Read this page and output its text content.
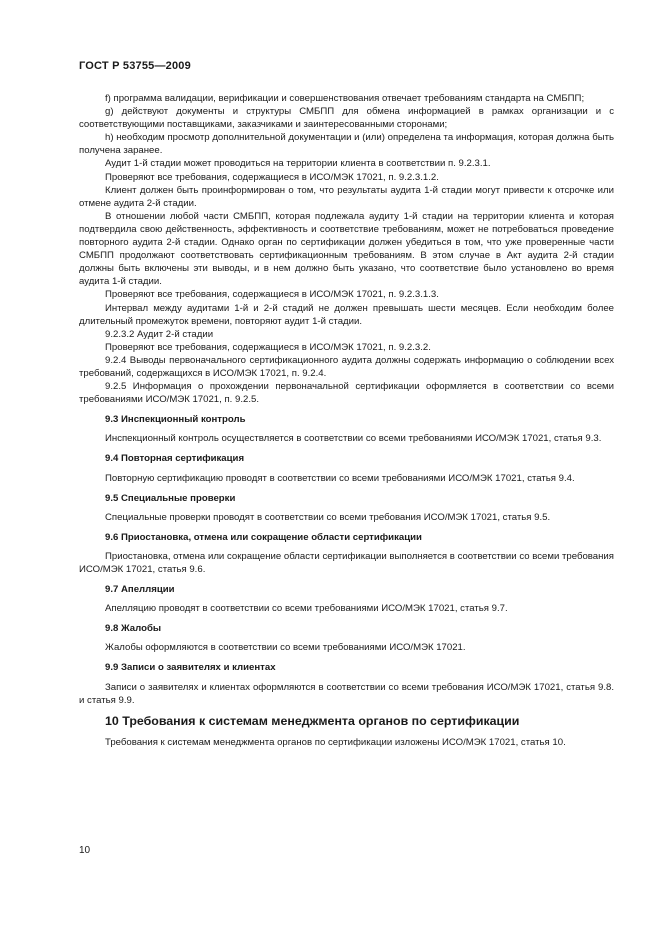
ГОСТ Р 53755—2009

f) программа валидации, верификации и совершенствования отвечает требованиям стандарта на СМБПП;

g) действуют документы и структуры СМБПП для обмена информацией в рамках организации и с соответствующими поставщиками, заказчиками и заинтересованными сторонами;

h) необходим просмотр дополнительной документации и (или) определена та информация, которая должна быть получена заранее.

Аудит 1-й стадии может проводиться на территории клиента в соответствии п. 9.2.3.1.

Проверяют все требования, содержащиеся в ИСО/МЭК 17021, п. 9.2.3.1.2.

Клиент должен быть проинформирован о том, что результаты аудита 1-й стадии могут привести к отсрочке или отмене аудита 2-й стадии.

В отношении любой части СМБПП, которая подлежала аудиту 1-й стадии на территории клиента и которая подтвердила свою действенность, эффективность и соответствие требованиям, может не потребоваться проведение повторного аудита 2-й стадии. Однако орган по сертификации должен убедиться в том, что уже проверенные части СМБПП продолжают соответствовать сертификационным требованиям. В этом случае в Акт аудита 2-й стадии должны быть включены эти выводы, и в нем должно быть указано, что соответствие было установлено во время аудита 1-й стадии.

Проверяют все требования, содержащиеся в ИСО/МЭК 17021, п. 9.2.3.1.3.

Интервал между аудитами 1-й и 2-й стадий не должен превышать шести месяцев. Если необходим более длительный промежуток времени, повторяют аудит 1-й стадии.

9.2.3.2 Аудит 2-й стадии

Проверяют все требования, содержащиеся в ИСО/МЭК 17021, п. 9.2.3.2.

9.2.4 Выводы первоначального сертификационного аудита должны содержать информацию о соблюдении всех требований, содержащихся в ИСО/МЭК 17021, п. 9.2.4.

9.2.5 Информация о прохождении первоначальной сертификации оформляется в соответствии со всеми требованиями ИСО/МЭК 17021, п. 9.2.5.

9.3 Инспекционный контроль

Инспекционный контроль осуществляется в соответствии со всеми требованиями ИСО/МЭК 17021, статья 9.3.

9.4 Повторная сертификация

Повторную сертификацию проводят в соответствии со всеми требованиями ИСО/МЭК 17021, статья 9.4.

9.5 Специальные проверки

Специальные проверки проводят в соответствии со всеми требования ИСО/МЭК 17021, статья 9.5.

9.6 Приостановка, отмена или сокращение области сертификации

Приостановка, отмена или сокращение области сертификации выполняется в соответствии со всеми требования ИСО/МЭК 17021, статья 9.6.

9.7 Апелляции

Апелляцию проводят в соответствии со всеми требованиями ИСО/МЭК 17021, статья 9.7.

9.8 Жалобы

Жалобы оформляются в соответствии со всеми требованиями ИСО/МЭК 17021.

9.9 Записи о заявителях и клиентах

Записи о заявителях и клиентах оформляются в соответствии со всеми требования ИСО/МЭК 17021, статья 9.8. и статья 9.9.

10 Требования к системам менеджмента органов по сертификации

Требования к системам менеджмента органов по сертификации изложены ИСО/МЭК 17021, статья 10.

10
